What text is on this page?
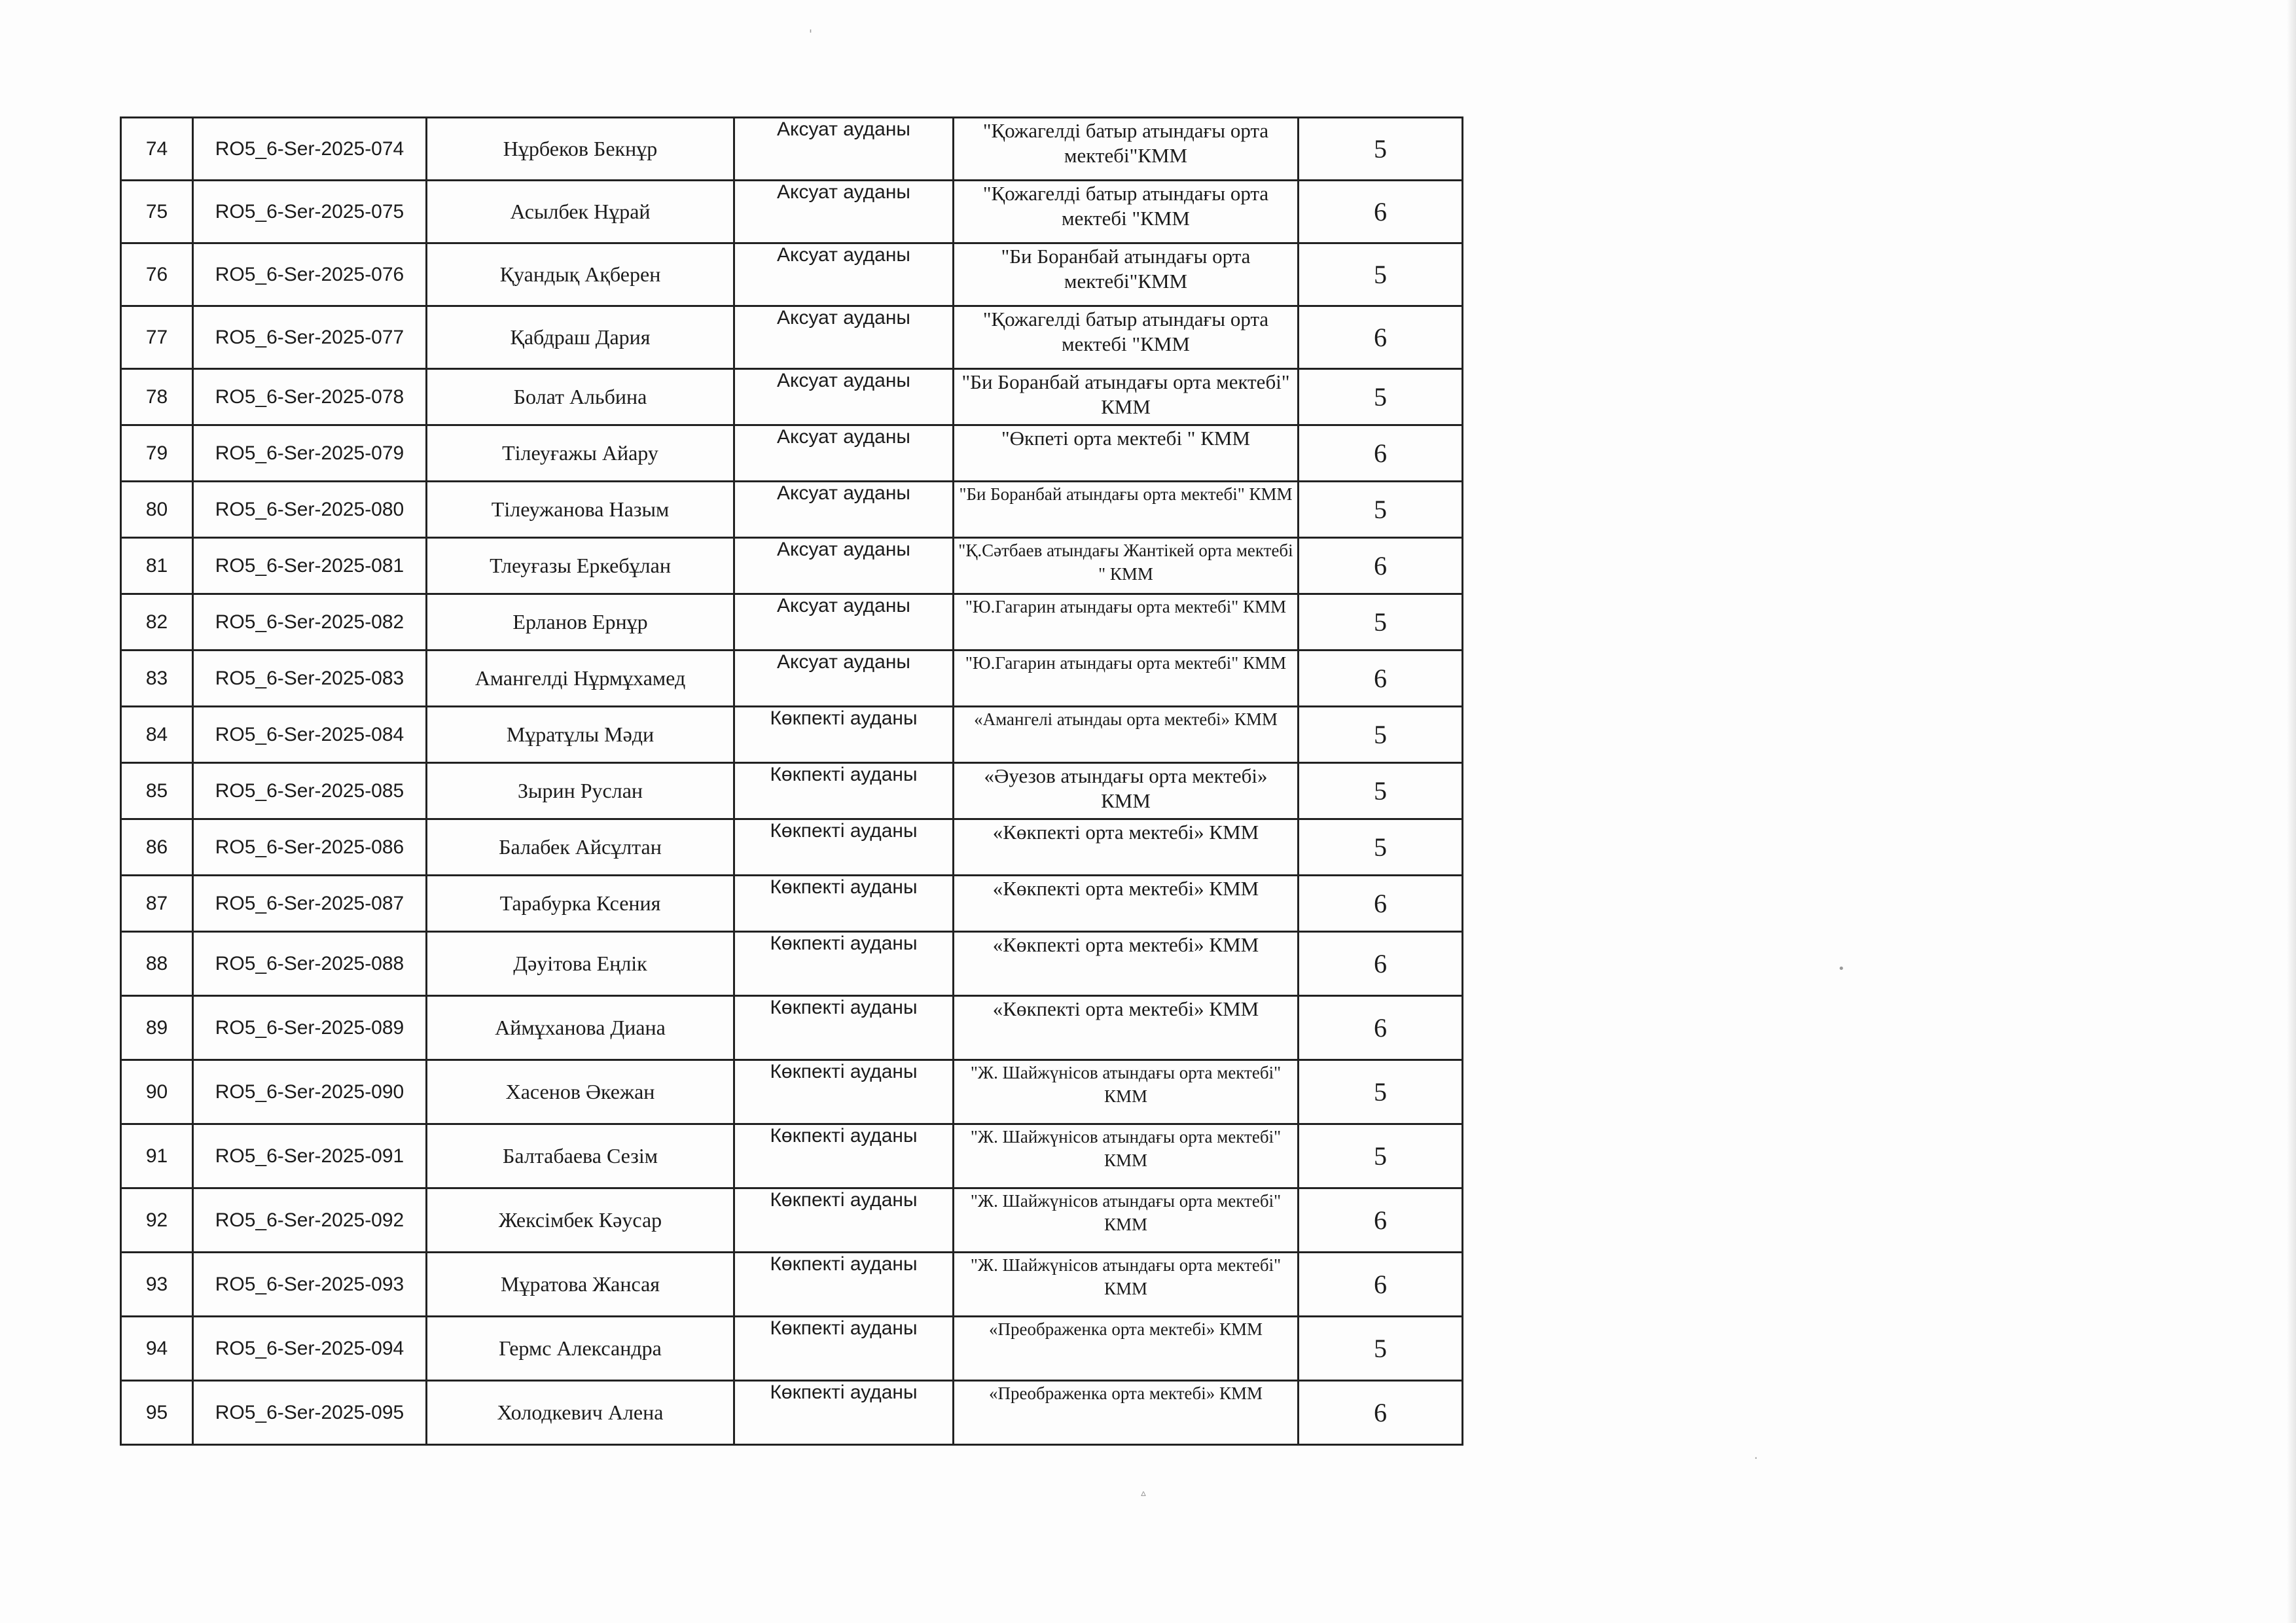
'
•
ᐞ
·
74	RO5_6-Ser-2025-074	Нұрбеков Бекнұр	Аксуат ауданы	"Қожагелді батыр атындағы орта мектебі"КММ	5
75	RO5_6-Ser-2025-075	Асылбек Нұрай	Аксуат ауданы	"Қожагелді батыр атындағы орта мектебі "КММ	6
76	RO5_6-Ser-2025-076	Қуандық Ақберен	Аксуат ауданы	"Би Боранбай атындағы орта мектебі"КММ	5
77	RO5_6-Ser-2025-077	Қабдраш Дария	Аксуат ауданы	"Қожагелді батыр атындағы орта мектебі "КММ	6
78	RO5_6-Ser-2025-078	Болат Альбина	Аксуат ауданы	"Би Боранбай атындағы орта мектебі" КММ	5
79	RO5_6-Ser-2025-079	Тілеуғажы Айару	Аксуат ауданы	"Өкпеті орта мектебі " КММ	6
80	RO5_6-Ser-2025-080	Тілеужанова Назым	Аксуат ауданы	"Би Боранбай атындағы орта мектебі" КММ	5
81	RO5_6-Ser-2025-081	Тлеуғазы Еркебұлан	Аксуат ауданы	"Қ.Сәтбаев атындағы Жантікей орта мектебі " КММ	6
82	RO5_6-Ser-2025-082	Ерланов Ернұр	Аксуат ауданы	"Ю.Гагарин атындағы орта мектебі" КММ	5
83	RO5_6-Ser-2025-083	Амангелді Нұрмұхамед	Аксуат ауданы	"Ю.Гагарин атындағы орта мектебі" КММ	6
84	RO5_6-Ser-2025-084	Мұратұлы Мәди	Көкпекті ауданы	«Амангелі атындаы орта мектебі» КММ	5
85	RO5_6-Ser-2025-085	Зырин Руслан	Көкпекті ауданы	«Әуезов атындағы орта мектебі» КММ	5
86	RO5_6-Ser-2025-086	Балабек Айсұлтан	Көкпекті ауданы	«Көкпекті орта мектебі» КММ	5
87	RO5_6-Ser-2025-087	Тарабурка Ксения	Көкпекті ауданы	«Көкпекті орта мектебі» КММ	6
88	RO5_6-Ser-2025-088	Дәуітова Еңлік	Көкпекті ауданы	«Көкпекті орта мектебі» КММ	6
89	RO5_6-Ser-2025-089	Аймұханова Диана	Көкпекті ауданы	«Көкпекті орта мектебі» КММ	6
90	RO5_6-Ser-2025-090	Хасенов Әкежан	Көкпекті ауданы	"Ж. Шайжүнісов атындағы орта мектебі" КММ	5
91	RO5_6-Ser-2025-091	Балтабаева Сезім	Көкпекті ауданы	"Ж. Шайжүнісов атындағы орта мектебі" КММ	5
92	RO5_6-Ser-2025-092	Жексімбек Кәусар	Көкпекті ауданы	"Ж. Шайжүнісов атындағы орта мектебі" КММ	6
93	RO5_6-Ser-2025-093	Мұратова Жансая	Көкпекті ауданы	"Ж. Шайжүнісов атындағы орта мектебі" КММ	6
94	RO5_6-Ser-2025-094	Гермс Александра	Көкпекті ауданы	«Преображенка орта мектебі» КММ	5
95	RO5_6-Ser-2025-095	Холодкевич Алена	Көкпекті ауданы	«Преображенка орта мектебі» КММ	6
